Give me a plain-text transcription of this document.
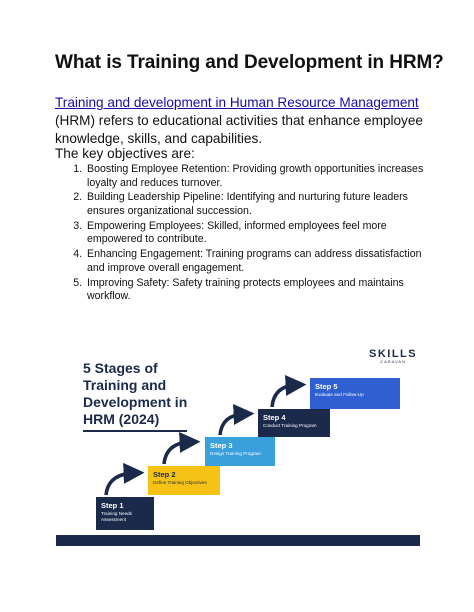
What is Training and Development in HRM?
Training and development in Human Resource Management (HRM) refers to educational activities that enhance employee knowledge, skills, and capabilities.
The key objectives are:
1. Boosting Employee Retention: Providing growth opportunities increases loyalty and reduces turnover.
2. Building Leadership Pipeline: Identifying and nurturing future leaders ensures organizational succession.
3. Empowering Employees: Skilled, informed employees feel more empowered to contribute.
4. Enhancing Engagement: Training programs can address dissatisfaction and improve overall engagement.
5. Improving Safety: Safety training protects employees and maintains workflow.
5 Stages of
Training and
Development in
HRM (2024)
SKILLS
CARAVAN
Step 1
Training Needs Assessment
Step 2
Define Training Objectives
Step 3
Design Training Program
Step 4
Conduct Training Program
Step 5
Evaluate and Follow-Up
